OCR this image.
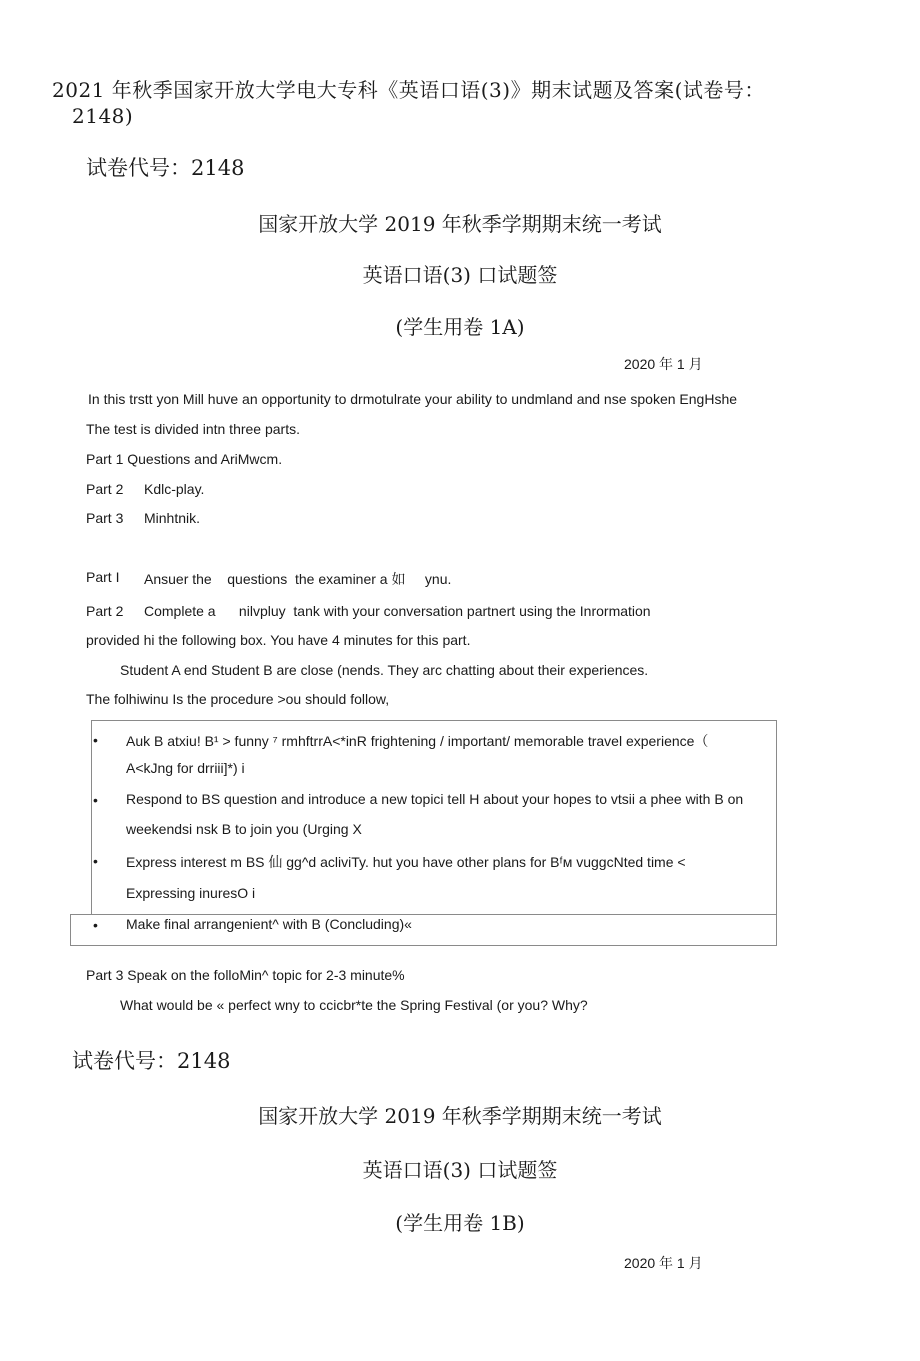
2021 年秋季国家开放大学电大专科《英语口语(3)》期末试题及答案(试卷号：
2148)
试卷代号：2148
国家开放大学 2019 年秋季学期期末统一考试
英语口语(3) 口试题签
(学生用卷 1A)
2020 年 1 月
In this trstt yon Mill huve an opportunity to drmotulrate your ability to undmland and nse spoken EngHshe
The test is divided intn three parts.
Part 1 Questions and AriMwcm.
Part 2 Kdlc-play.
Part 3 Minhtnik.
Part I Ansuer the    questions  the examiner a 如     ynu.
Part 2 Complete a      nilvpluy  tank with your conversation partnert using the Inrormation
provided hi the following box. You have 4 minutes for this part.
Student A end Student B are close (nends. They arc chatting about their experiences.
The folhiwinu Is the procedure >ou should follow,
• Auk B atxiu! B¹ > funny ⁷ rmhftrrA<*inR frightening / important/ memorable travel experience（
A<kJng for drriii]*) i
• Respond to BS question and introduce a new topici tell H about your hopes to vtsii a phee with B on
weekendsi nsk B to join you (Urging X
• Express interest m BS 仙 gg^d acliviTy. hut you have other plans for Bᶠᴍ vuggcNted time <
Expressing inuresO i
• Make final arrangenient^ with B (Concluding)«
Part 3 Speak on the folloMin^ topic for 2-3 minute%
What would be « perfect wny to ccicbr*te the Spring Festival (or you? Why?
试卷代号：2148
国家开放大学 2019 年秋季学期期末统一考试
英语口语(3) 口试题签
(学生用卷 1B)
2020 年 1 月
